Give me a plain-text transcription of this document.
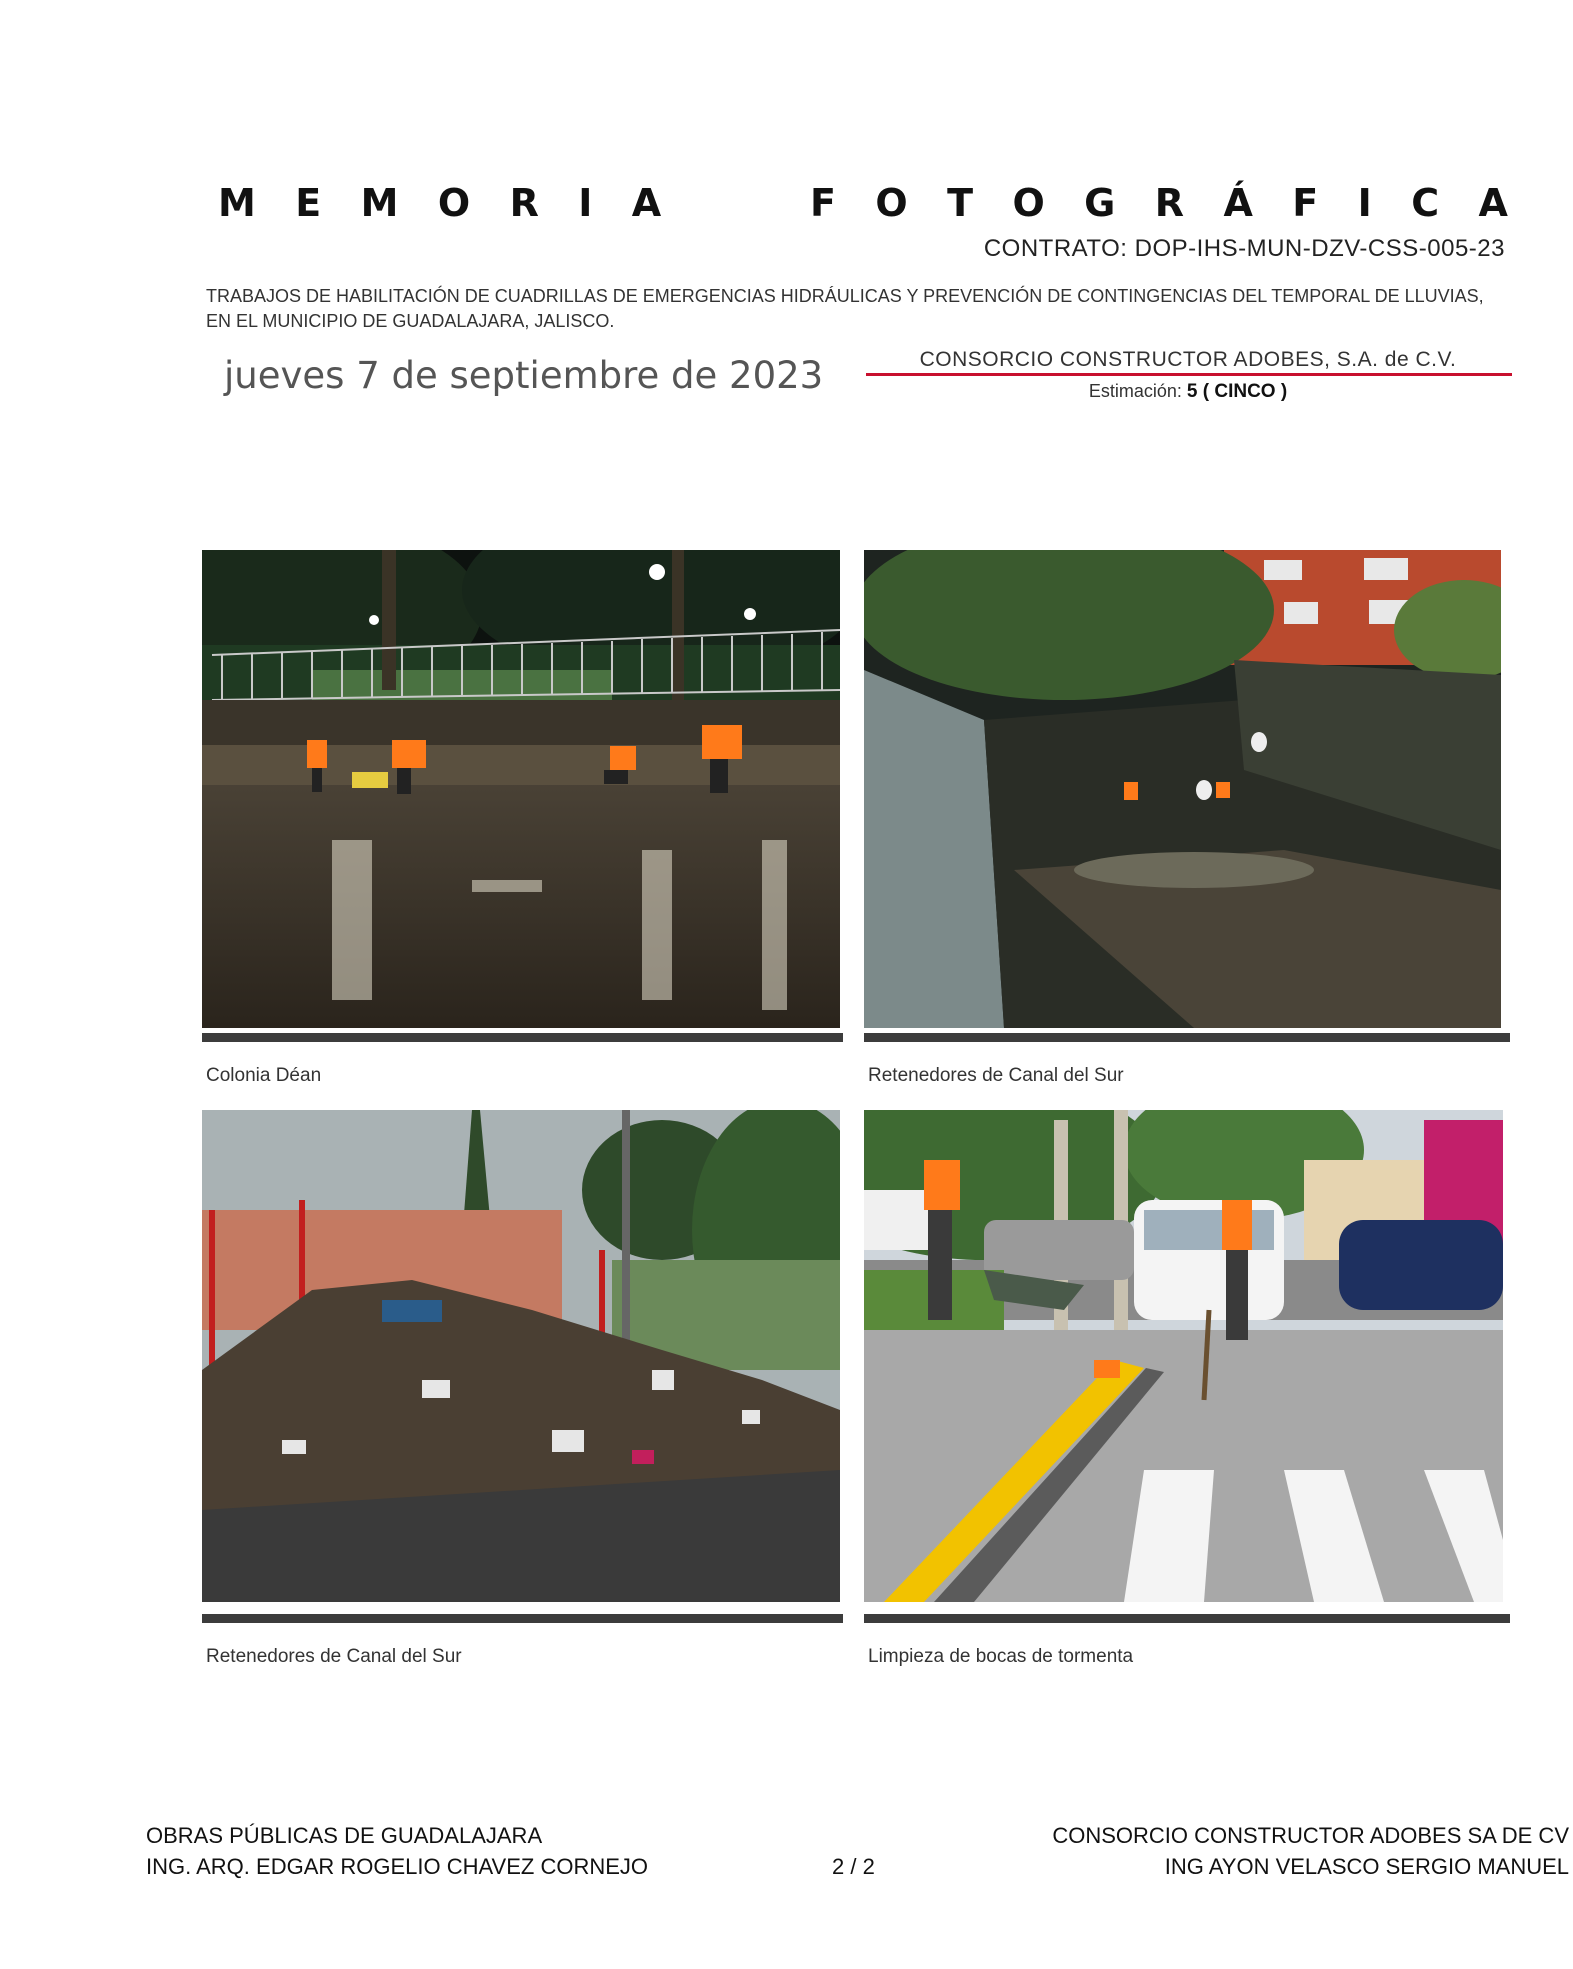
M E M O R I A	F O T O G R Á F I C A
CONTRATO: DOP-IHS-MUN-DZV-CSS-005-23
TRABAJOS DE HABILITACIÓN DE CUADRILLAS DE EMERGENCIAS HIDRÁULICAS Y PREVENCIÓN DE CONTINGENCIAS DEL TEMPORAL DE LLUVIAS,
EN EL MUNICIPIO DE GUADALAJARA, JALISCO.
jueves 7 de septiembre de 2023	CONSORCIO CONSTRUCTOR ADOBES, S.A. de C.V.
Estimación: 5 ( CINCO )
Colonia Déan	Retenedores de Canal del Sur
Retenedores de Canal del Sur	Limpieza de bocas de tormenta
OBRAS PÚBLICAS DE GUADALAJARA
ING. ARQ. EDGAR ROGELIO CHAVEZ CORNEJO	2 / 2
CONSORCIO CONSTRUCTOR ADOBES SA DE CV
ING AYON VELASCO SERGIO MANUEL
